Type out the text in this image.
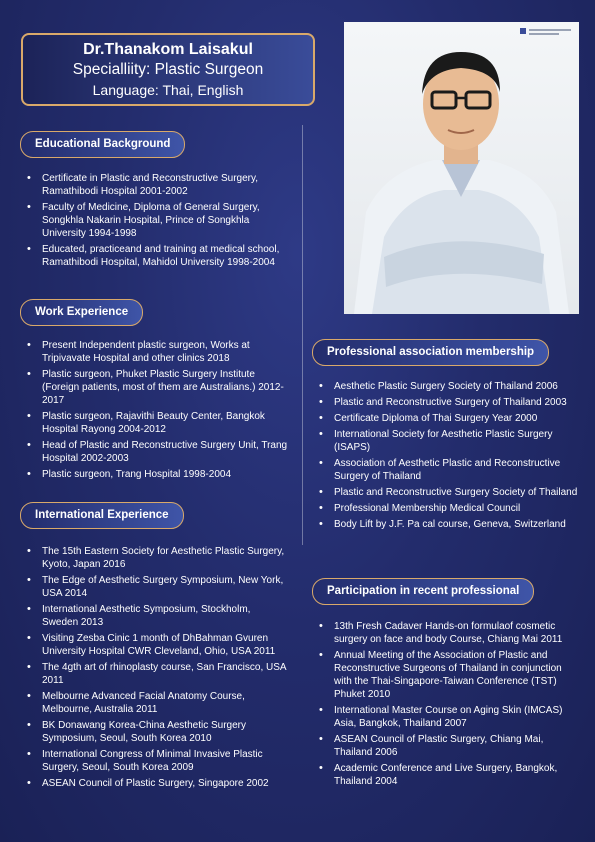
Dr.Thanakom Laisakul
Specialliity: Plastic Surgeon
Language: Thai, English
Educational Background
• Certificate in Plastic and Reconstructive Surgery, Ramathibodi Hospital 2001-2002
• Faculty of Medicine, Diploma of General Surgery, Songkhla Nakarin Hospital, Prince of Songkhla University 1994-1998
• Educated, practiceand and training at medical school, Ramathibodi Hospital, Mahidol University 1998-2004
Work Experience
• Present Independent plastic surgeon, Works at Tripivavate Hospital and other clinics 2018
• Plastic surgeon, Phuket Plastic Surgery Institute (Foreign patients, most of them are Australians.) 2012-2017
• Plastic surgeon, Rajavithi Beauty Center, Bangkok Hospital Rayong 2004-2012
• Head of Plastic and Reconstructive Surgery Unit, Trang Hospital 2002-2003
• Plastic surgeon, Trang Hospital 1998-2004
International Experience
• The 15th Eastern Society for Aesthetic Plastic Surgery, Kyoto, Japan 2016
• The Edge of Aesthetic Surgery Symposium, New York, USA 2014
• International Aesthetic Symposium, Stockholm, Sweden 2013
• Visiting Zesba Cinic 1 month of DhBahman Gvuren University Hospital CWR Cleveland, Ohio, USA 2011
• The 4gth art of rhinoplasty course, San Francisco, USA 2011
• Melbourne Advanced Facial Anatomy Course, Melbourne, Australia 2011
• BK Donawang Korea-China Aesthetic Surgery Symposium, Seoul, South Korea 2010
• International Congress of Minimal Invasive Plastic Surgery, Seoul, South Korea 2009
• ASEAN Council of Plastic Surgery, Singapore 2002
Professional association membership
• Aesthetic Plastic Surgery Society of Thailand 2006
• Plastic and Reconstructive Surgery of Thailand 2003
• Certificate Diploma of Thai Surgery Year 2000
• International Society for Aesthetic Plastic Surgery (ISAPS)
• Association of Aesthetic Plastic and Reconstructive Surgery of Thailand
• Plastic and Reconstructive Surgery Society of Thailand
• Professional Membership Medical Council
• Body Lift by J.F. Pa cal course, Geneva, Switzerland
Participation in recent professional
• 13th Fresh Cadaver Hands-on formulaof cosmetic surgery on face and body Course, Chiang Mai 2011
• Annual Meeting of the Association of Plastic and Reconstructive Surgeons of Thailand in conjunction with the Thai-Singapore-Taiwan Conference (TST) Phuket 2010
• International Master Course on Aging Skin (IMCAS) Asia, Bangkok, Thailand 2007
• ASEAN Council of Plastic Surgery, Chiang Mai, Thailand 2006
• Academic Conference and Live Surgery, Bangkok, Thailand 2004
